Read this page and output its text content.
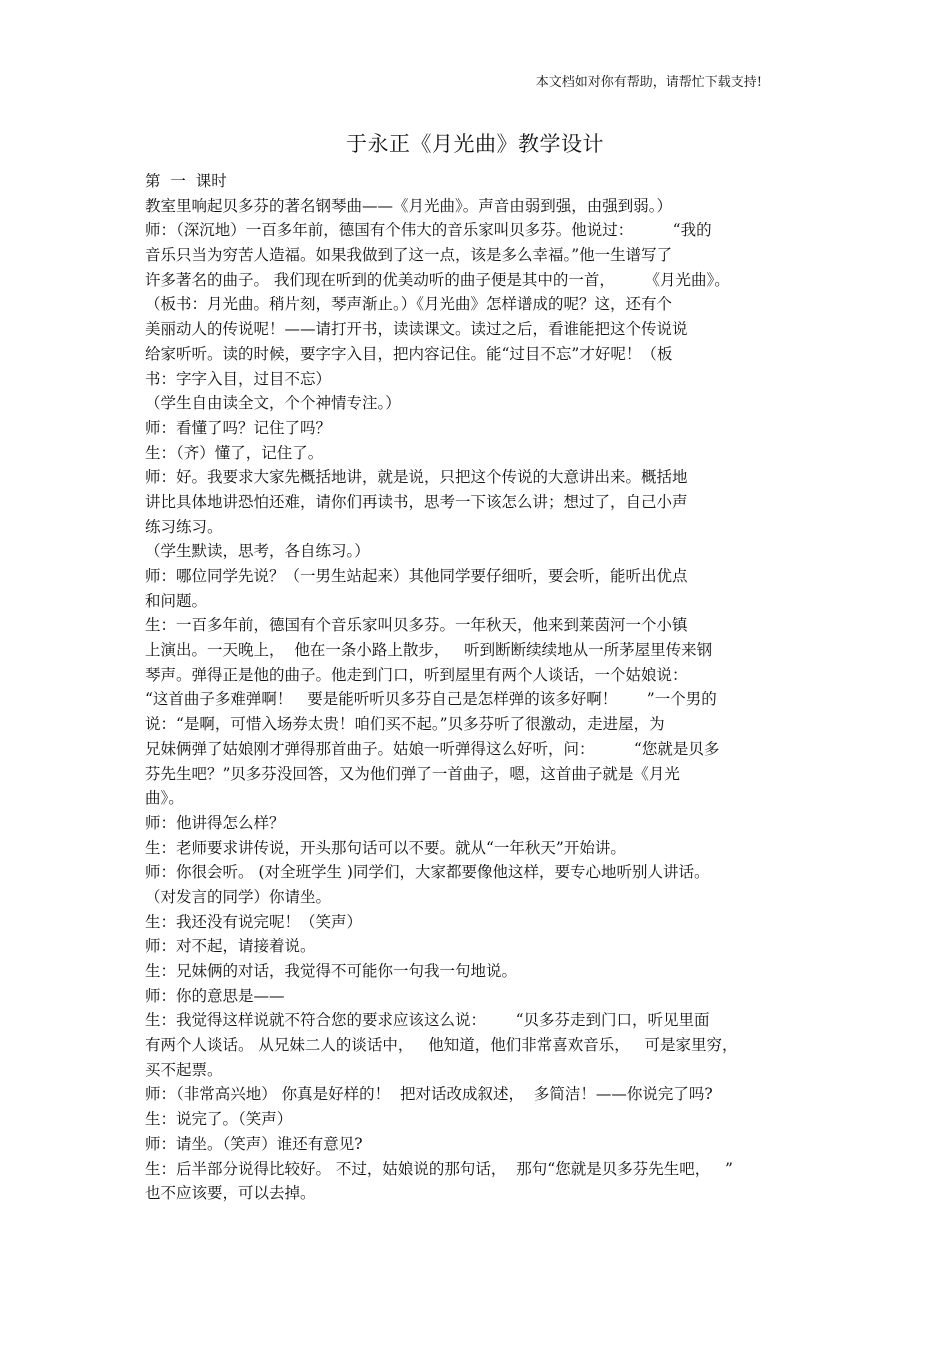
本文档如对你有帮助，请帮忙下载支持!
于永正《月光曲》教学设计
第  一  课时
教室里响起贝多芬的著名钢琴曲——《月光曲》。声音由弱到强，由强到弱。）
师：（深沉地）一百多年前，德国有个伟大的音乐家叫贝多芬。他说过：        “我的
音乐只当为穷苦人造福。如果我做到了这一点，该是多么幸福。”他一生谱写了
许多著名的曲子。 我们现在听到的优美动听的曲子便是其中的一首，      《月光曲》。
（板书：月光曲。稍片刻，琴声渐止。）《月光曲》怎样谱成的呢？这，还有个
美丽动人的传说呢！——请打开书，读读课文。读过之后，看谁能把这个传说说
给家听听。读的时候，要字字入目，把内容记住。能“过目不忘”才好呢！（板
书：字字入目，过目不忘）
（学生自由读全文，个个神情专注。）
师：看懂了吗？记住了吗？
生：（齐）懂了，记住了。
师：好。我要求大家先概括地讲，就是说，只把这个传说的大意讲出来。概括地
讲比具体地讲恐怕还难，请你们再读书，思考一下该怎么讲；想过了，自己小声
练习练习。
（学生默读，思考，各自练习。）
师：哪位同学先说？（一男生站起来）其他同学要仔细听，要会听，能听出优点
和问题。
生：一百多年前，德国有个音乐家叫贝多芬。一年秋天，他来到莱茵河一个小镇
上演出。一天晚上，  他在一条小路上散步，   听到断断续续地从一所茅屋里传来钢
琴声。弹得正是他的曲子。他走到门口，听到屋里有两个人谈话，一个姑娘说：
“这首曲子多难弹啊！   要是能听听贝多芬自己是怎样弹的该多好啊！      ”一个男的
说：“是啊，可惜入场券太贵！咱们买不起。”贝多芬听了很激动，走进屋，为
兄妹俩弹了姑娘刚才弹得那首曲子。姑娘一听弹得这么好听，问：        “您就是贝多
芬先生吧？”贝多芬没回答，又为他们弹了一首曲子，嗯，这首曲子就是《月光
曲》。
师：他讲得怎么样？
生：老师要求讲传说，开头那句话可以不要。就从“一年秋天”开始讲。
师：你很会听。 (对全班学生 )同学们，大家都要像他这样，要专心地听别人讲话。
（对发言的同学）你请坐。
生：我还没有说完呢！（笑声）
师：对不起，请接着说。
生：兄妹俩的对话，我觉得不可能你一句我一句地说。
师：你的意思是——
生：我觉得这样说就不符合您的要求应该这么说：      “贝多芬走到门口，听见里面
有两个人谈话。 从兄妹二人的谈话中，   他知道，他们非常喜欢音乐，   可是家里穷，
买不起票。
师：（非常高兴地） 你真是好样的！  把对话改成叙述，  多简洁！——你说完了吗?
生：说完了。（笑声）
师：请坐。（笑声）谁还有意见?
生：后半部分说得比较好。 不过，姑娘说的那句话，  那句“您就是贝多芬先生吧，   ”
也不应该要，可以去掉。
